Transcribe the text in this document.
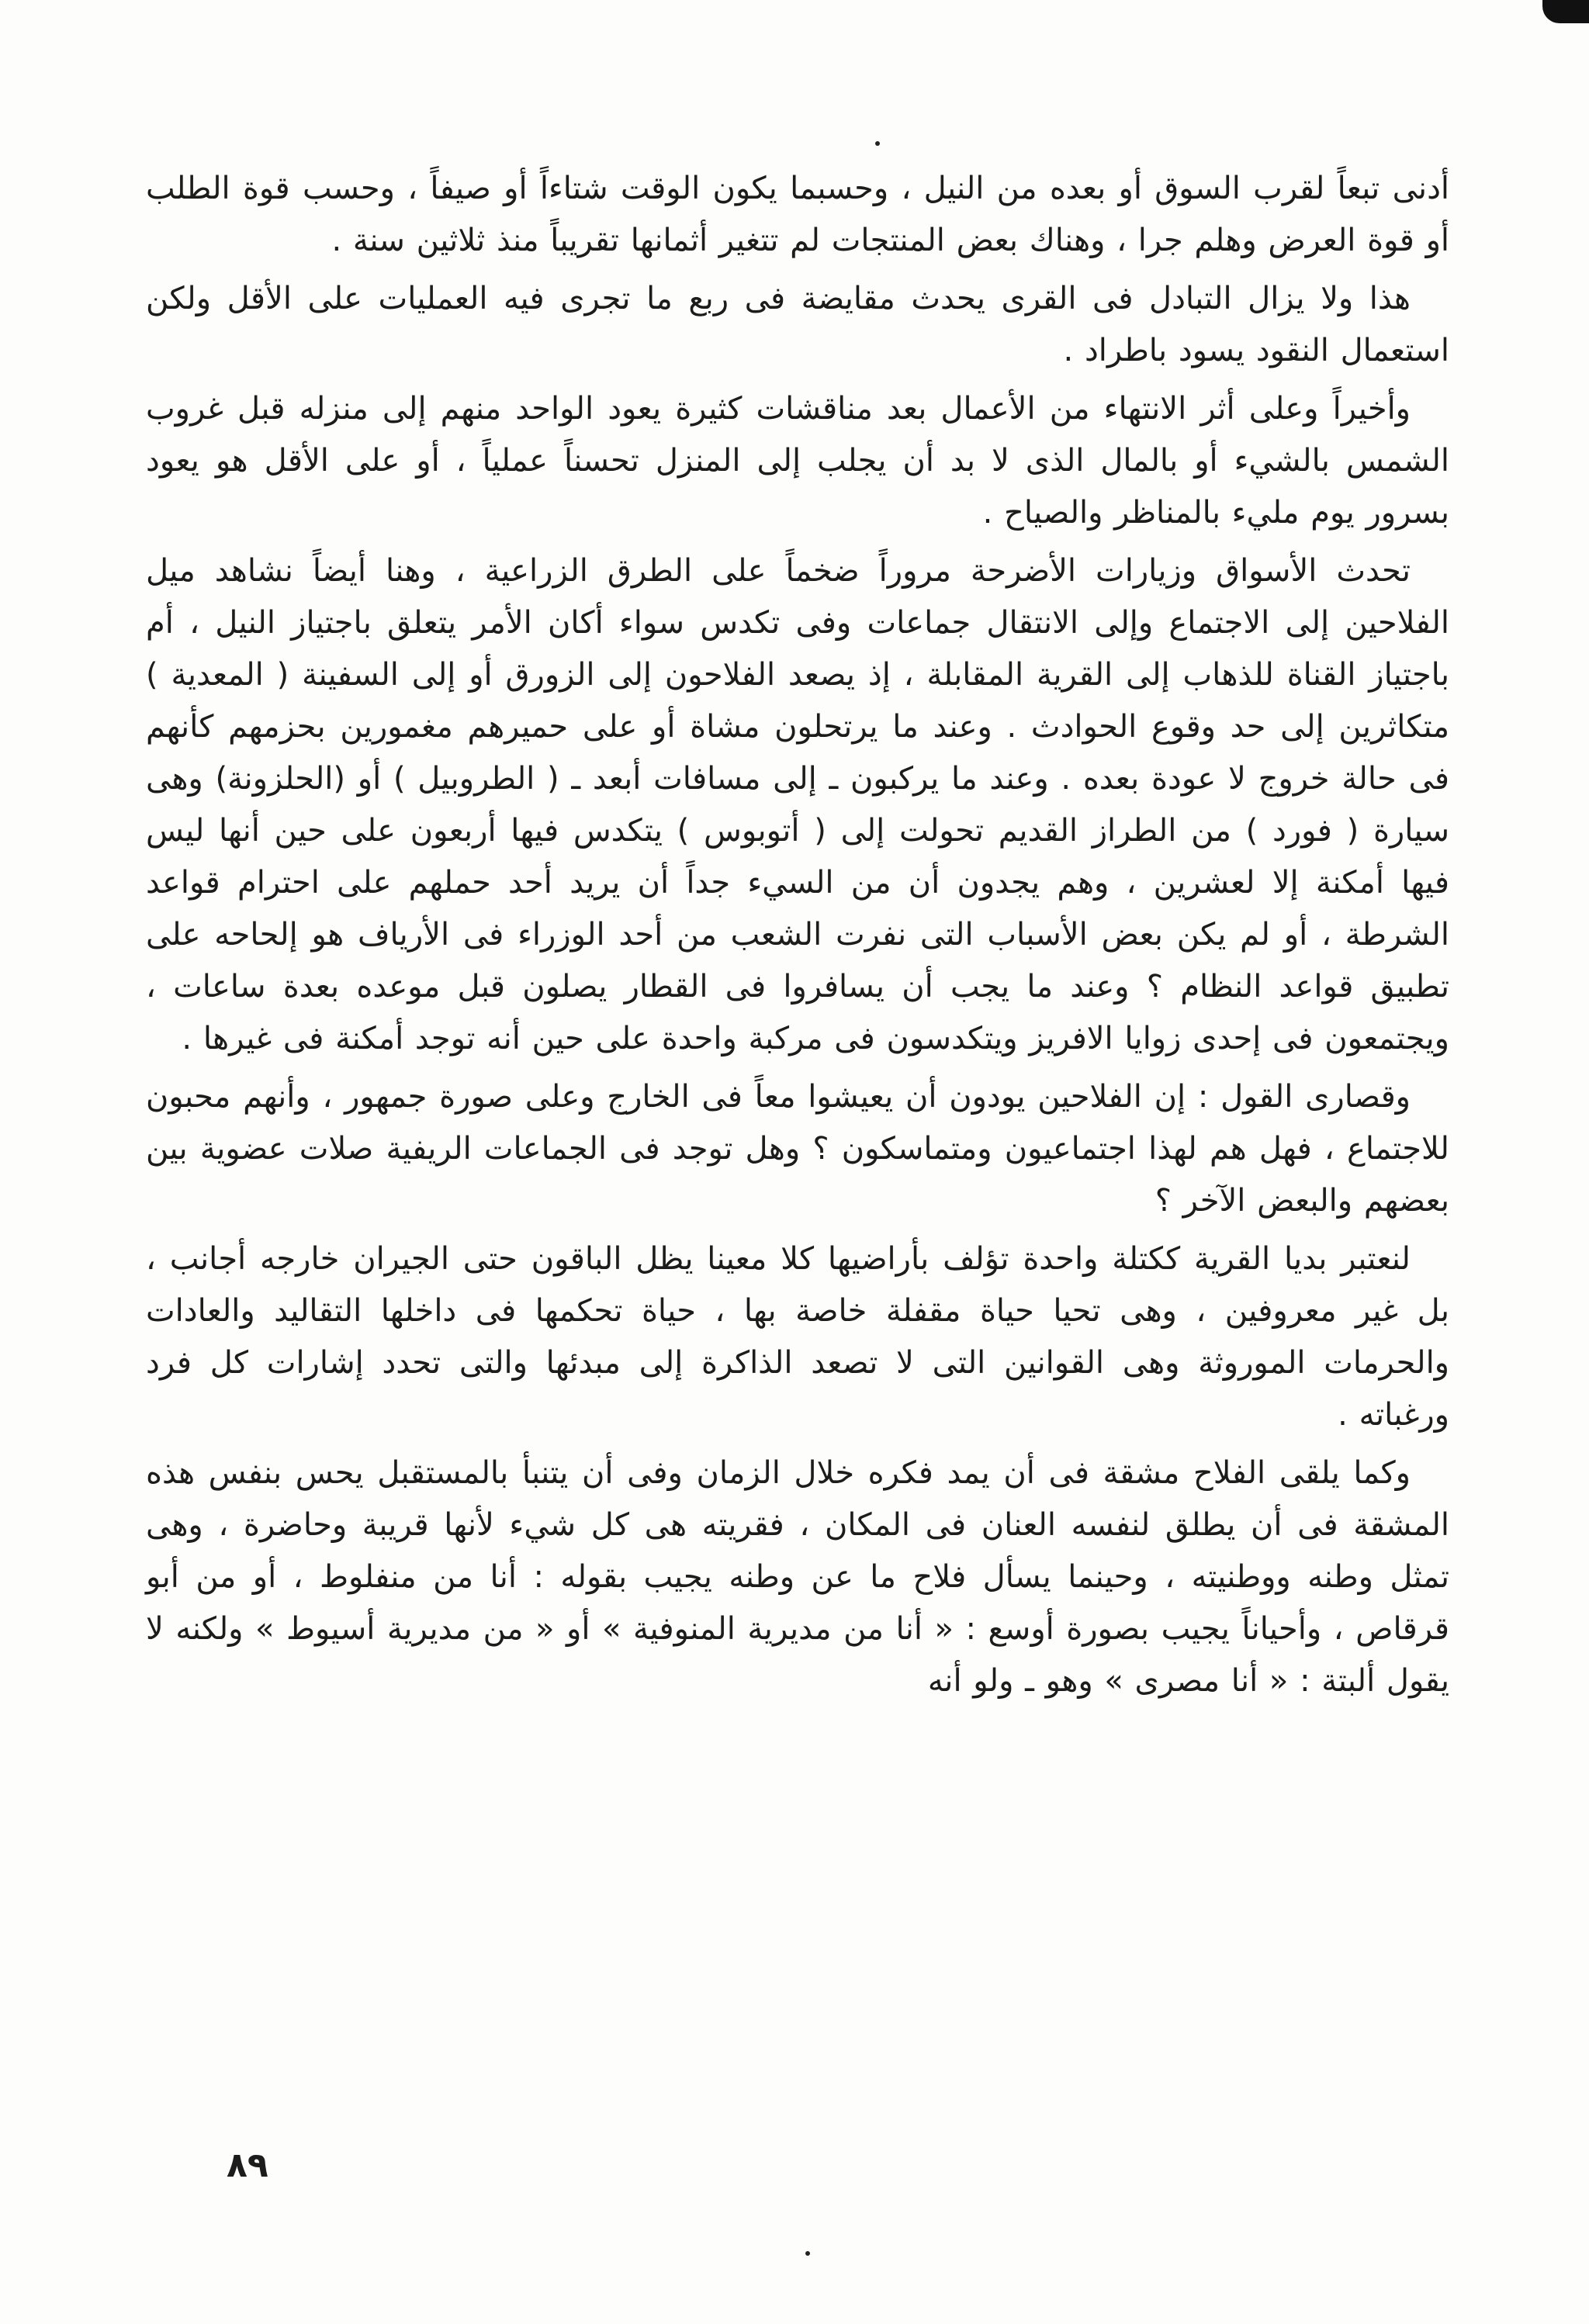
أدنى تبعاً لقرب السوق أو بعده من النيل ، وحسبما يكون الوقت شتاءاً أو صيفاً ، وحسب قوة الطلب أو قوة العرض وهلم جرا ، وهناك بعض المنتجات لم تتغير أثمانها تقريباً منذ ثلاثين سنة .

هذا ولا يزال التبادل فى القرى يحدث مقايضة فى ربع ما تجرى فيه العمليات على الأقل ولكن استعمال النقود يسود باطراد .

وأخيراً وعلى أثر الانتهاء من الأعمال بعد مناقشات كثيرة يعود الواحد منهم إلى منزله قبل غروب الشمس بالشيء أو بالمال الذى لا بد أن يجلب إلى المنزل تحسناً عملياً ، أو على الأقل هو يعود بسرور يوم مليء بالمناظر والصياح .

تحدث الأسواق وزيارات الأضرحة مروراً ضخماً على الطرق الزراعية ، وهنا أيضاً نشاهد ميل الفلاحين إلى الاجتماع وإلى الانتقال جماعات وفى تكدس سواء أكان الأمر يتعلق باجتياز النيل ، أم باجتياز القناة للذهاب إلى القرية المقابلة ، إذ يصعد الفلاحون إلى الزورق أو إلى السفينة ( المعدية ) متكاثرين إلى حد وقوع الحوادث . وعند ما يرتحلون مشاة أو على حميرهم مغمورين بحزمهم كأنهم فى حالة خروج لا عودة بعده . وعند ما يركبون ـ إلى مسافات أبعد ـ ( الطروبيل ) أو (الحلزونة) وهى سيارة ( فورد ) من الطراز القديم تحولت إلى ( أتوبوس ) يتكدس فيها أربعون على حين أنها ليس فيها أمكنة إلا لعشرين ، وهم يجدون أن من السيء جداً أن يريد أحد حملهم على احترام قواعد الشرطة ، أو لم يكن بعض الأسباب التى نفرت الشعب من أحد الوزراء فى الأرياف هو إلحاحه على تطبيق قواعد النظام ؟ وعند ما يجب أن يسافروا فى القطار يصلون قبل موعده بعدة ساعات ، ويجتمعون فى إحدى زوايا الافريز ويتكدسون فى مركبة واحدة على حين أنه توجد أمكنة فى غيرها .

وقصارى القول : إن الفلاحين يودون أن يعيشوا معاً فى الخارج وعلى صورة جمهور ، وأنهم محبون للاجتماع ، فهل هم لهذا اجتماعيون ومتماسكون ؟ وهل توجد فى الجماعات الريفية صلات عضوية بين بعضهم والبعض الآخر ؟

لنعتبر بديا القرية ككتلة واحدة تؤلف بأراضيها كلا معينا يظل الباقون حتى الجيران خارجه أجانب ، بل غير معروفين ، وهى تحيا حياة مقفلة خاصة بها ، حياة تحكمها فى داخلها التقاليد والعادات والحرمات الموروثة وهى القوانين التى لا تصعد الذاكرة إلى مبدئها والتى تحدد إشارات كل فرد ورغباته .

وكما يلقى الفلاح مشقة فى أن يمد فكره خلال الزمان وفى أن يتنبأ بالمستقبل يحس بنفس هذه المشقة فى أن يطلق لنفسه العنان فى المكان ، فقريته هى كل شيء لأنها قريبة وحاضرة ، وهى تمثل وطنه ووطنيته ، وحينما يسأل فلاح ما عن وطنه يجيب بقوله : أنا من منفلوط ، أو من أبو قرقاص ، وأحياناً يجيب بصورة أوسع : « أنا من مديرية المنوفية » أو « من مديرية أسيوط » ولكنه لا يقول ألبتة : « أنا مصرى » وهو ـ ولو أنه

٨٩
